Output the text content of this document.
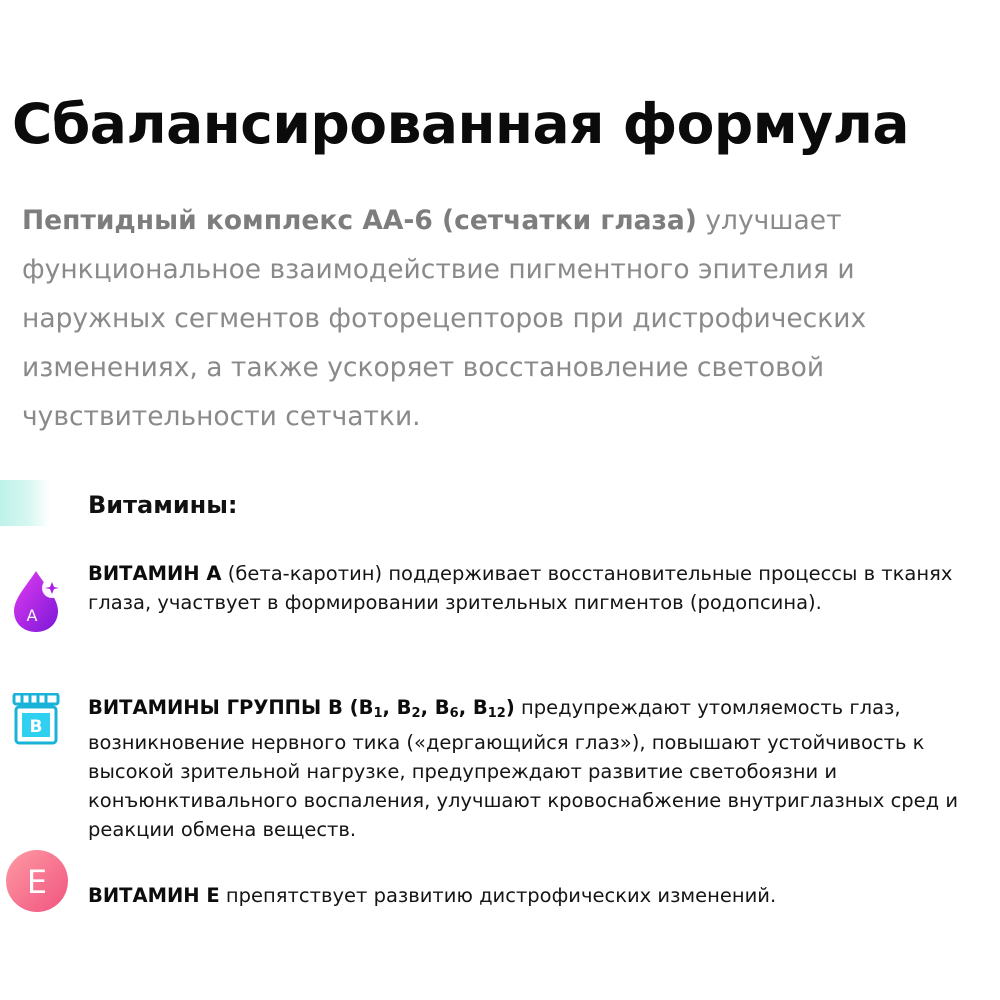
Сбалансированная формула

Пептидный комплекс АА-6 (сетчатки глаза) улучшает функциональное взаимодействие пигментного эпителия и наружных сегментов фоторецепторов при дистрофических изменениях, а также ускоряет восстановление световой чувствительности сетчатки.

Витамины:
A

ВИТАМИН А (бета-каротин) поддерживает восстановительные процессы в тканях глаза, участвует в формировании зрительных пигментов (родопсина).

B

ВИТАМИНЫ ГРУППЫ В ($В_1$, $В_2$, $В_6$, $В_{12}$) предупреждают утомляемость глаз, возникновение нервного тика («дергающийся глаз»), повышают устойчивость к высокой зрительной нагрузке, предупреждают развитие светобоязни и конъюнктивального воспаления, улучшают кровоснабжение внутриглазных сред и реакции обмена веществ.

E ВИТАМИН Е препятствует развитию дистрофических изменений.
